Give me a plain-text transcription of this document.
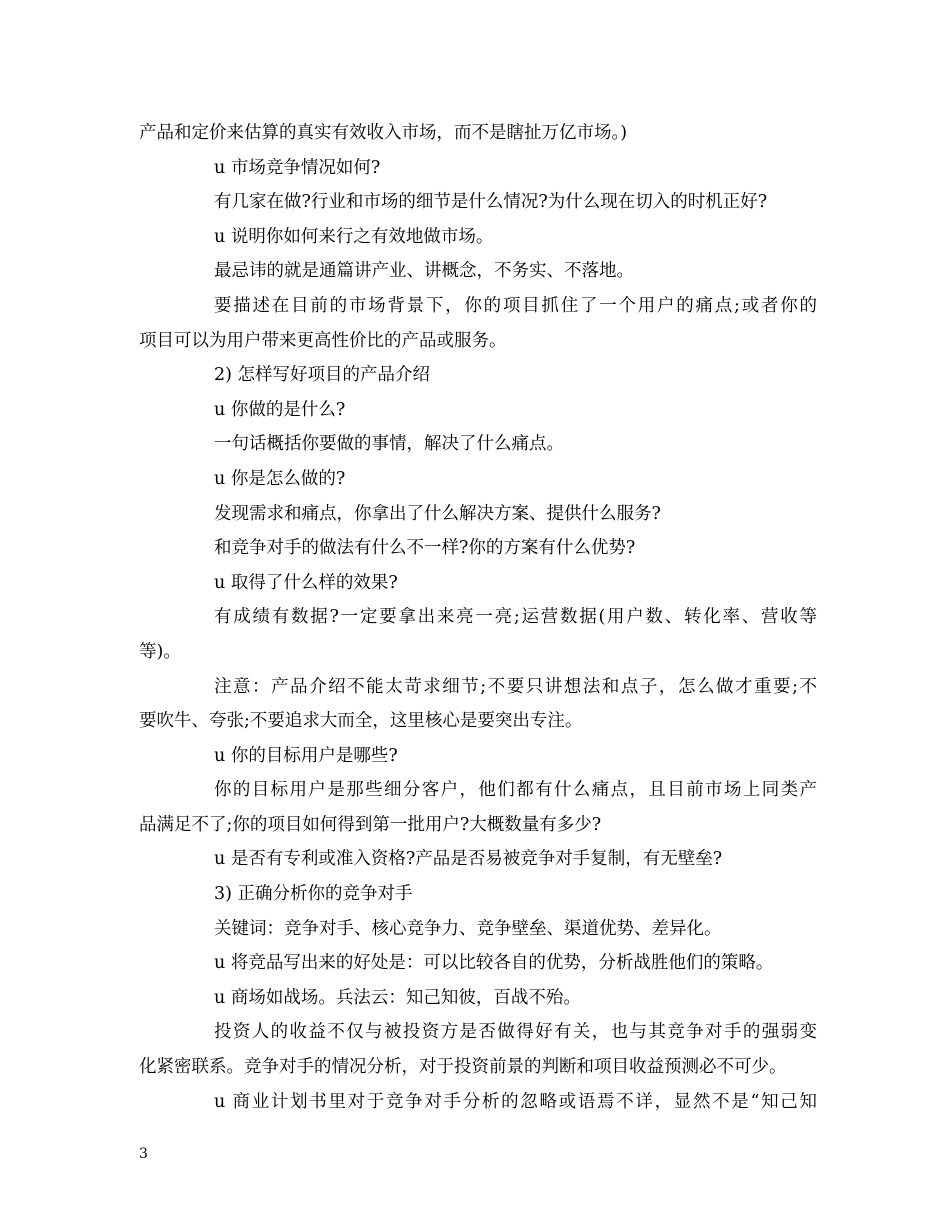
产品和定价来估算的真实有效收入市场，而不是瞎扯万亿市场。)
u 市场竞争情况如何?
有几家在做?行业和市场的细节是什么情况?为什么现在切入的时机正好?
u 说明你如何来行之有效地做市场。
最忌讳的就是通篇讲产业、讲概念，不务实、不落地。
要描述在目前的市场背景下，你的项目抓住了一个用户的痛点;或者你的
项目可以为用户带来更高性价比的产品或服务。
2) 怎样写好项目的产品介绍
u 你做的是什么?
一句话概括你要做的事情，解决了什么痛点。
u 你是怎么做的?
发现需求和痛点，你拿出了什么解决方案、提供什么服务?
和竞争对手的做法有什么不一样?你的方案有什么优势?
u 取得了什么样的效果?
有成绩有数据?一定要拿出来亮一亮;运营数据(用户数、转化率、营收等
等)。
注意：产品介绍不能太苛求细节;不要只讲想法和点子，怎么做才重要;不
要吹牛、夸张;不要追求大而全，这里核心是要突出专注。
u 你的目标用户是哪些?
你的目标用户是那些细分客户，他们都有什么痛点，且目前市场上同类产
品满足不了;你的项目如何得到第一批用户?大概数量有多少?
u 是否有专利或准入资格?产品是否易被竞争对手复制，有无壁垒?
3) 正确分析你的竞争对手
关键词：竞争对手、核心竞争力、竞争壁垒、渠道优势、差异化。
u 将竞品写出来的好处是：可以比较各自的优势，分析战胜他们的策略。
u 商场如战场。兵法云：知己知彼，百战不殆。
投资人的收益不仅与被投资方是否做得好有关，也与其竞争对手的强弱变
化紧密联系。竞争对手的情况分析，对于投资前景的判断和项目收益预测必不可少。
u 商业计划书里对于竞争对手分析的忽略或语焉不详，显然不是“知己知
3
